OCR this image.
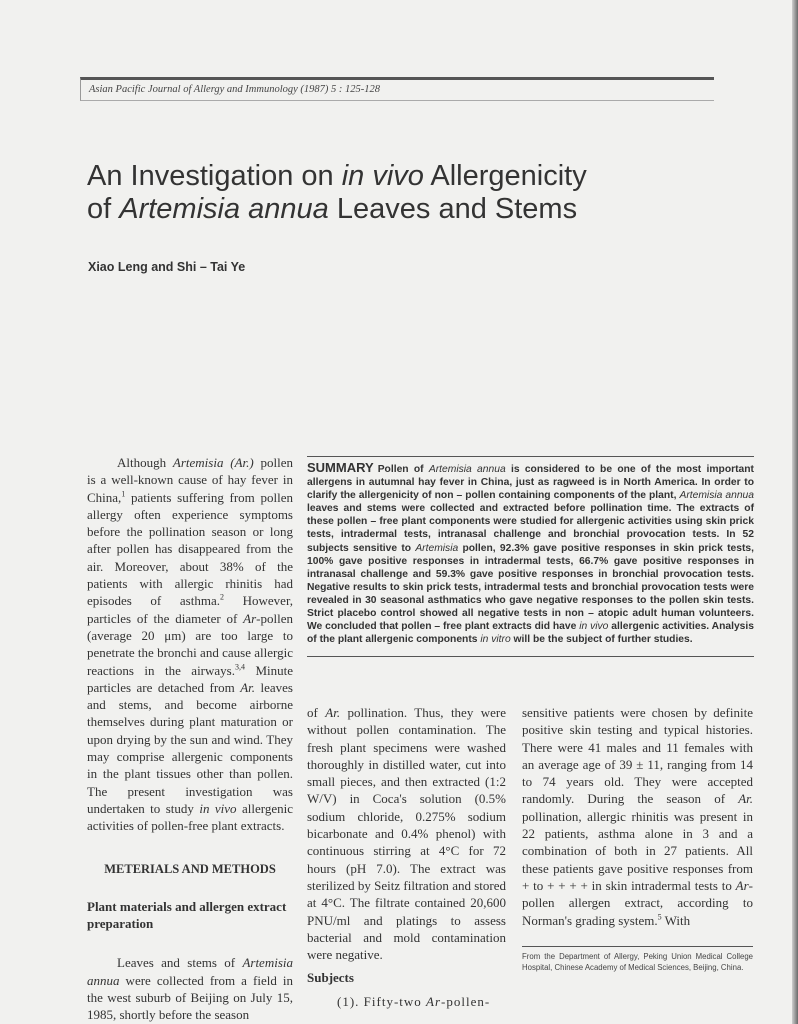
Asian Pacific Journal of Allergy and Immunology (1987) 5 : 125-128
An Investigation on in vivo Allergenicity
of Artemisia annua Leaves and Stems
Xiao Leng and Shi – Tai Ye
SUMMARY Pollen of Artemisia annua is considered to be one of the most important allergens in autumnal hay fever in China, just as ragweed is in North America. In order to clarify the allergenicity of non – pollen containing components of the plant, Artemisia annua leaves and stems were collected and extracted before pollination time. The extracts of these pollen – free plant components were studied for allergenic activities using skin prick tests, intradermal tests, intranasal challenge and bronchial provocation tests. In 52 subjects sensitive to Artemisia pollen, 92.3% gave positive responses in skin prick tests, 100% gave positive responses in intradermal tests, 66.7% gave positive responses in intranasal challenge and 59.3% gave positive responses in bronchial provocation tests. Negative results to skin prick tests, intradermal tests and bronchial provocation tests were revealed in 30 seasonal asthmatics who gave negative responses to the pollen skin tests. Strict placebo control showed all negative tests in non – atopic adult human volunteers. We concluded that pollen – free plant extracts did have in vivo allergenic activities. Analysis of the plant allergenic components in vitro will be the subject of further studies.

Although Artemisia (Ar.) pollen is a well-known cause of hay fever in China,$^1$ patients suffering from pollen allergy often experience symptoms before the pollination season or long after pollen has disappeared from the air. Moreover, about 38% of the patients with allergic rhinitis had episodes of asthma.$^2$ However, particles of the diameter of Ar-pollen (average 20 μm) are too large to penetrate the bronchi and cause allergic reactions in the airways.$^{3,4}$ Minute particles are detached from Ar. leaves and stems, and become airborne themselves during plant maturation or upon drying by the sun and wind. They may comprise allergenic components in the plant tissues other than pollen. The present investigation was undertaken to study in vivo allergenic activities of pollen-free plant extracts.

METERIALS AND METHODS

Plant materials and allergen extract preparation

Leaves and stems of Artemisia annua were collected from a field in the west suburb of Beijing on July 15, 1985, shortly before the season

of Ar. pollination. Thus, they were without pollen contamination. The fresh plant specimens were washed thoroughly in distilled water, cut into small pieces, and then extracted (1:2 W/V) in Coca's solution (0.5% sodium chloride, 0.275% sodium bicarbonate and 0.4% phenol) with continuous stirring at 4°C for 72 hours (pH 7.0). The extract was sterilized by Seitz filtration and stored at 4°C. The filtrate contained 20,600 PNU/ml and platings to assess bacterial and mold contamination were negative.

Subjects

(1). Fifty-two Ar-pollen-

sensitive patients were chosen by definite positive skin testing and typical histories. There were 41 males and 11 females with an average age of 39 ± 11, ranging from 14 to 74 years old. They were accepted randomly. During the season of Ar. pollination, allergic rhinitis was present in 22 patients, asthma alone in 3 and a combination of both in 27 patients. All these patients gave positive responses from + to + + + + in skin intradermal tests to Ar-pollen allergen extract, according to Norman's grading system.$^5$ With

From the Department of Allergy, Peking Union Medical College Hospital, Chinese Academy of Medical Sciences, Beijing, China.
